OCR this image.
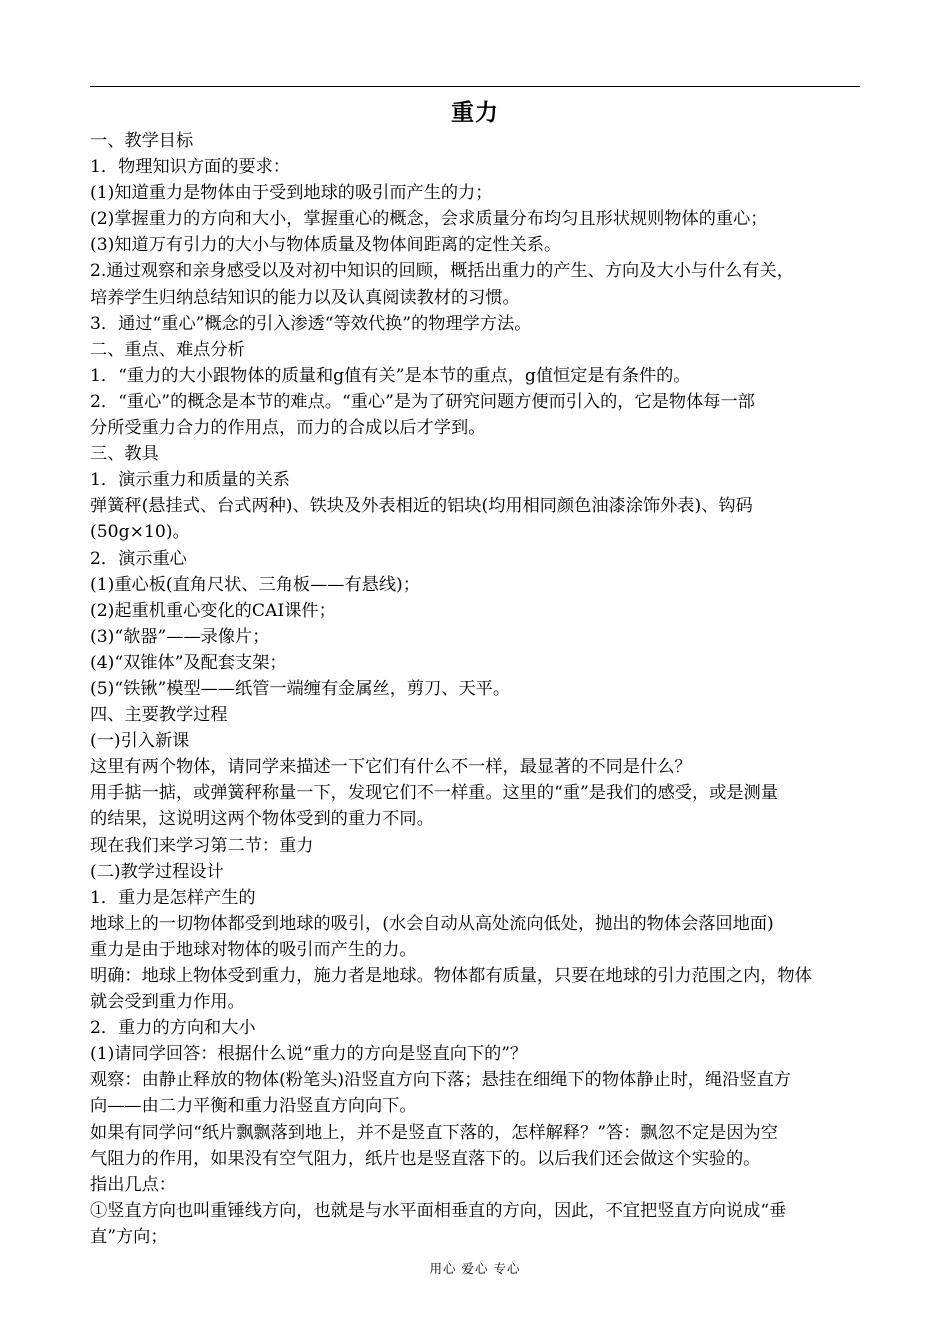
重力
一、教学目标
1．物理知识方面的要求：
(1)知道重力是物体由于受到地球的吸引而产生的力；
(2)掌握重力的方向和大小，掌握重心的概念，会求质量分布均匀且形状规则物体的重心；
(3)知道万有引力的大小与物体质量及物体间距离的定性关系。
2.通过观察和亲身感受以及对初中知识的回顾，概括出重力的产生、方向及大小与什么有关，
培养学生归纳总结知识的能力以及认真阅读教材的习惯。
3．通过“重心”概念的引入渗透“等效代换”的物理学方法。
二、重点、难点分析
1．“重力的大小跟物体的质量和g值有关”是本节的重点，g值恒定是有条件的。
2．“重心”的概念是本节的难点。“重心”是为了研究问题方便而引入的，它是物体每一部
分所受重力合力的作用点，而力的合成以后才学到。
三、教具
1．演示重力和质量的关系
弹簧秤(悬挂式、台式两种)、铁块及外表相近的铝块(均用相同颜色油漆涂饰外表)、钩码
(50g×10)。
2．演示重心
(1)重心板(直角尺状、三角板——有悬线)；
(2)起重机重心变化的CAI课件；
(3)“欹器”——录像片；
(4)“双锥体”及配套支架；
(5)“铁锹”模型——纸管一端缠有金属丝，剪刀、天平。
四、主要教学过程
(一)引入新课
这里有两个物体，请同学来描述一下它们有什么不一样，最显著的不同是什么？
用手掂一掂，或弹簧秤称量一下，发现它们不一样重。这里的“重”是我们的感受，或是测量
的结果，这说明这两个物体受到的重力不同。
现在我们来学习第二节：重力
(二)教学过程设计
1．重力是怎样产生的
地球上的一切物体都受到地球的吸引，(水会自动从高处流向低处，抛出的物体会落回地面)
重力是由于地球对物体的吸引而产生的力。
明确：地球上物体受到重力，施力者是地球。物体都有质量，只要在地球的引力范围之内，物体
就会受到重力作用。
2．重力的方向和大小
(1)请同学回答：根据什么说“重力的方向是竖直向下的”？
观察：由静止释放的物体(粉笔头)沿竖直方向下落；悬挂在细绳下的物体静止时，绳沿竖直方
向——由二力平衡和重力沿竖直方向向下。
如果有同学问“纸片飘飘落到地上，并不是竖直下落的，怎样解释？”答：飘忽不定是因为空
气阻力的作用，如果没有空气阻力，纸片也是竖直落下的。以后我们还会做这个实验的。
指出几点：
①竖直方向也叫重锤线方向，也就是与水平面相垂直的方向，因此，不宜把竖直方向说成“垂
直”方向；
用心 爱心 专心
